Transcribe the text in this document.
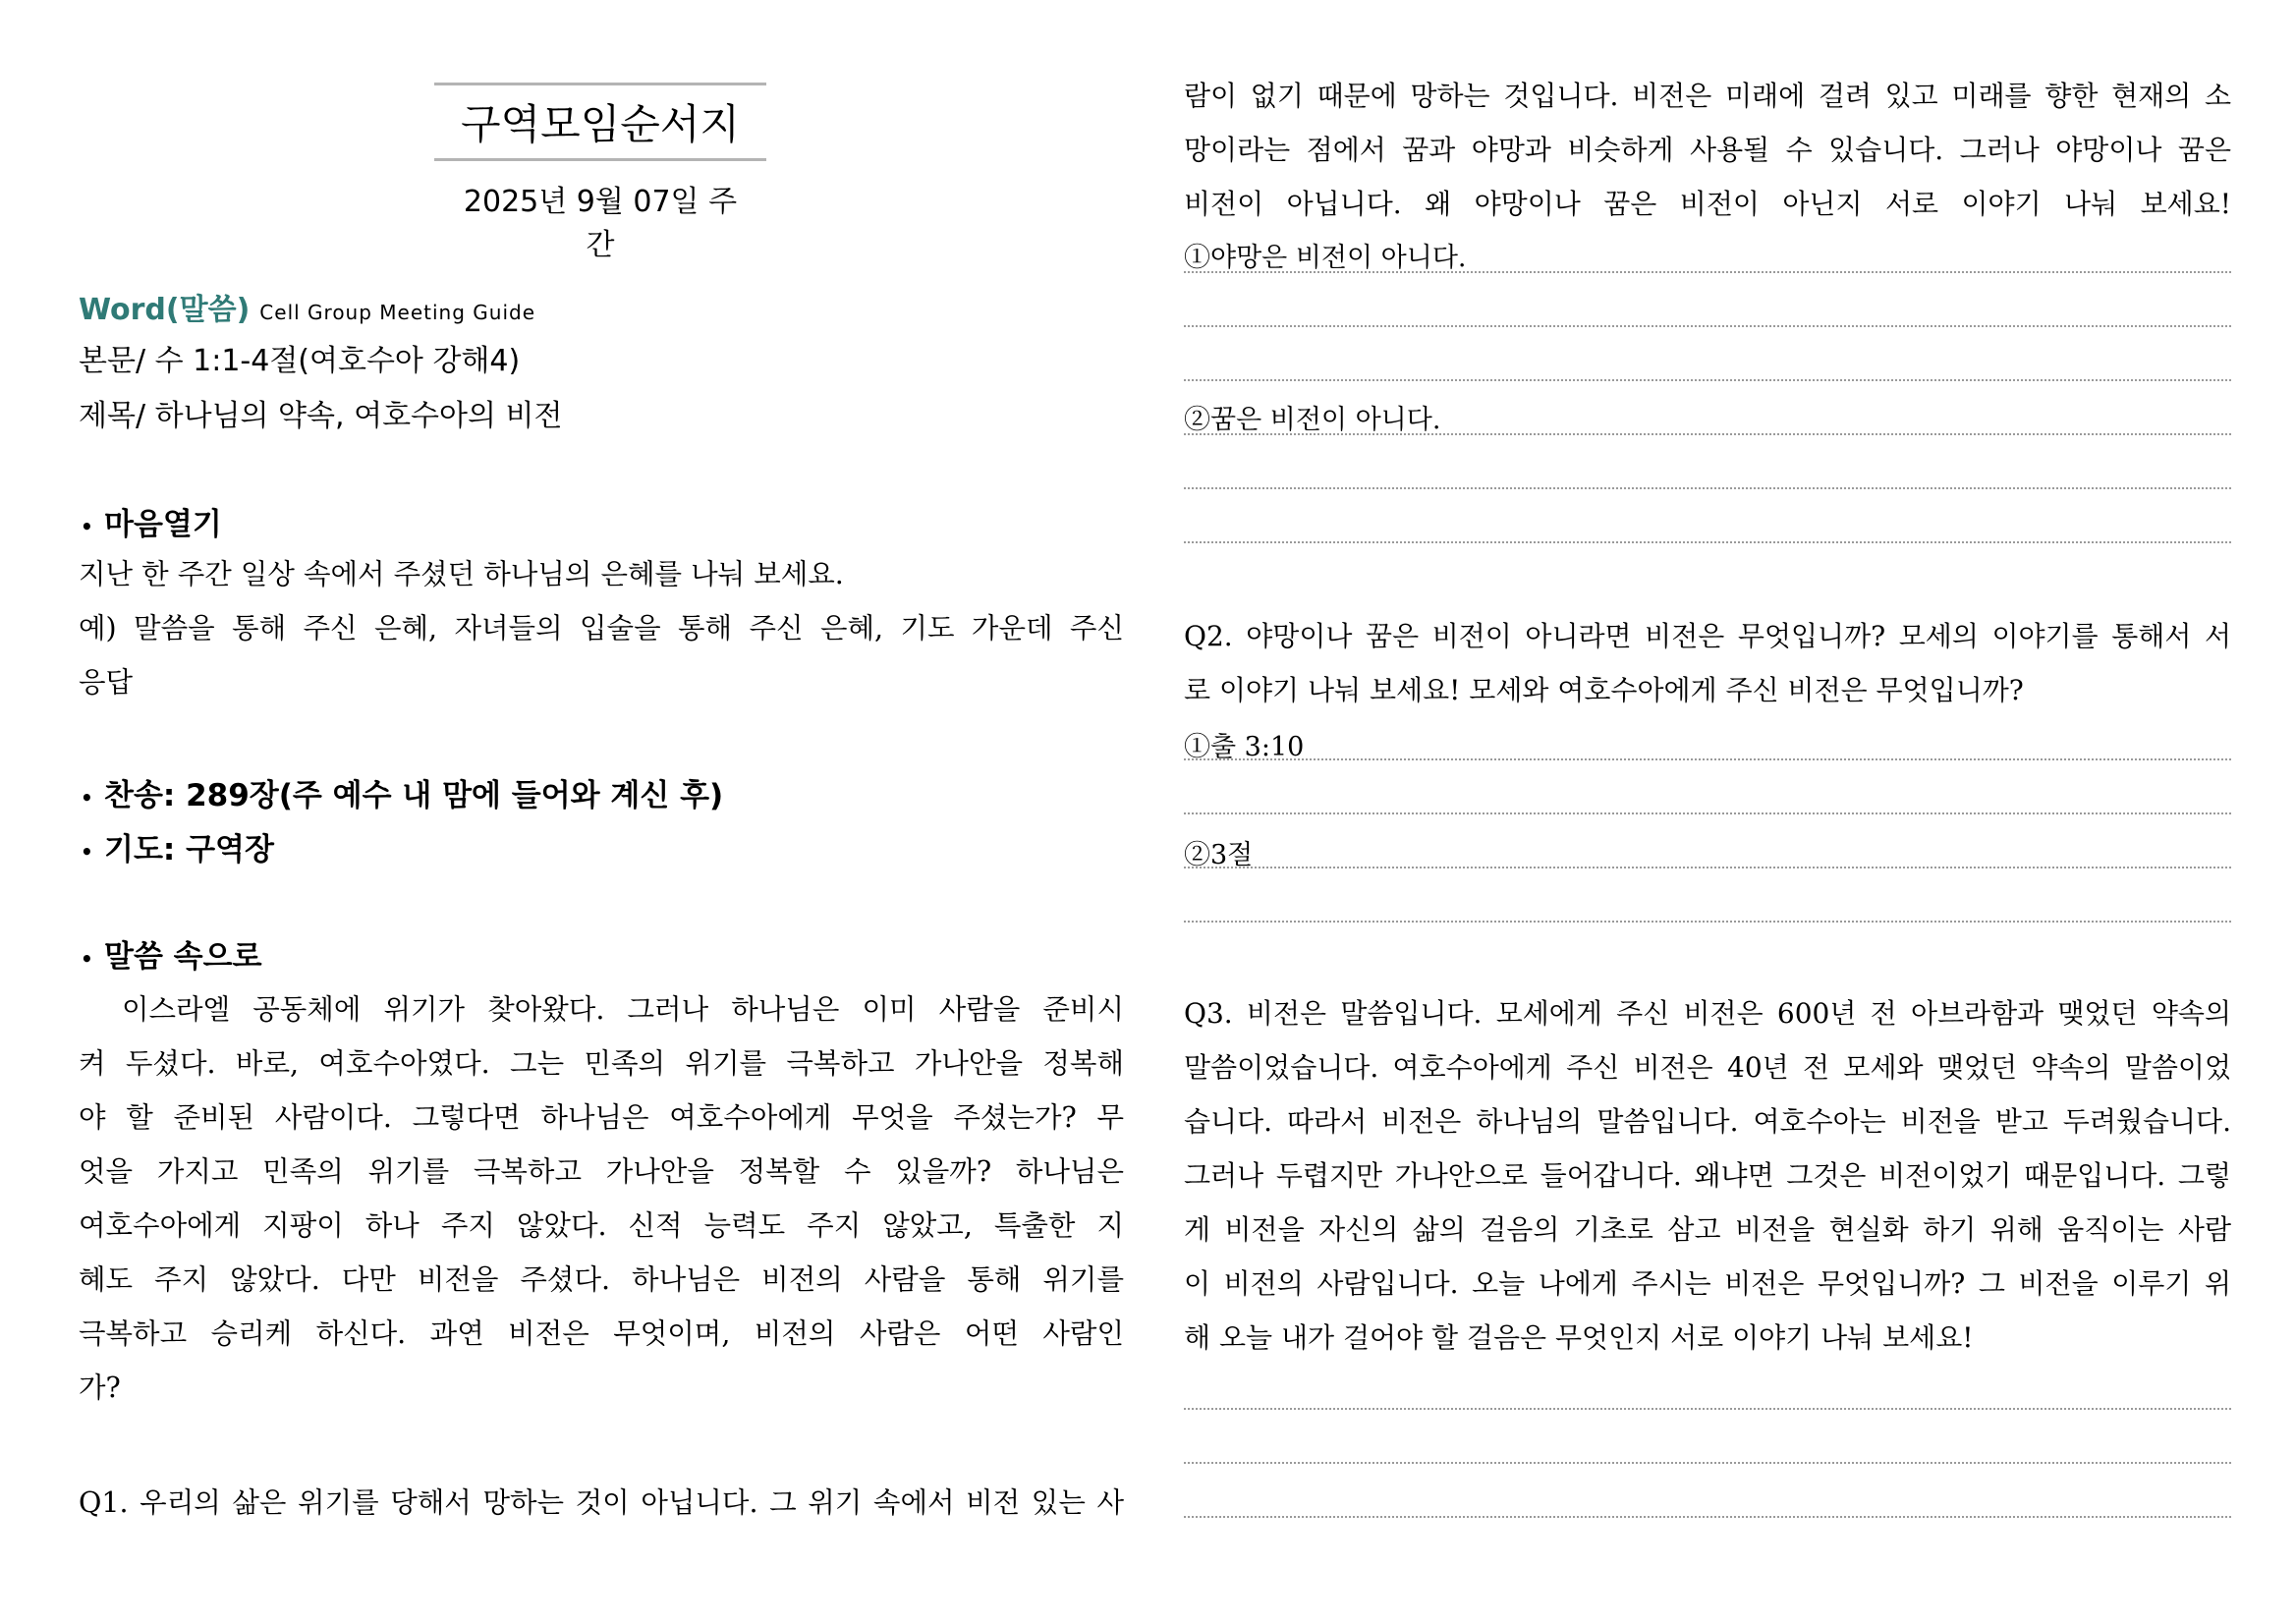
구역모임순서지
2025년 9월 07일 주간
Word(말씀) Cell Group Meeting Guide
본문/ 수 1:1-4절(여호수아 강해4)
제목/ 하나님의 약속, 여호수아의 비전
• 마음열기
지난 한 주간 일상 속에서 주셨던 하나님의 은혜를 나눠 보세요.
예) 말씀을 통해 주신 은혜, 자녀들의 입술을 통해 주신 은혜, 기도 가운데 주신
응답
• 찬송: 289장(주 예수 내 맘에 들어와 계신 후)
• 기도: 구역장
• 말씀 속으로
이스라엘 공동체에 위기가 찾아왔다. 그러나 하나님은 이미 사람을 준비시
켜 두셨다. 바로, 여호수아였다. 그는 민족의 위기를 극복하고 가나안을 정복해
야 할 준비된 사람이다. 그렇다면 하나님은 여호수아에게 무엇을 주셨는가? 무
엇을 가지고 민족의 위기를 극복하고 가나안을 정복할 수 있을까? 하나님은
여호수아에게 지팡이 하나 주지 않았다. 신적 능력도 주지 않았고, 특출한 지
혜도 주지 않았다. 다만 비전을 주셨다. 하나님은 비전의 사람을 통해 위기를
극복하고 승리케 하신다. 과연 비전은 무엇이며, 비전의 사람은 어떤 사람인
가?
Q1. 우리의 삶은 위기를 당해서 망하는 것이 아닙니다. 그 위기 속에서 비전 있는 사
람이 없기 때문에 망하는 것입니다. 비전은 미래에 걸려 있고 미래를 향한 현재의 소
망이라는 점에서 꿈과 야망과 비슷하게 사용될 수 있습니다. 그러나 야망이나 꿈은
비전이 아닙니다. 왜 야망이나 꿈은 비전이 아닌지 서로 이야기 나눠 보세요!
①야망은 비전이 아니다.
②꿈은 비전이 아니다.
Q2. 야망이나 꿈은 비전이 아니라면 비전은 무엇입니까? 모세의 이야기를 통해서 서
로 이야기 나눠 보세요! 모세와 여호수아에게 주신 비전은 무엇입니까?
①출 3:10
②3절
Q3. 비전은 말씀입니다. 모세에게 주신 비전은 600년 전 아브라함과 맺었던 약속의
말씀이었습니다. 여호수아에게 주신 비전은 40년 전 모세와 맺었던 약속의 말씀이었
습니다. 따라서 비전은 하나님의 말씀입니다. 여호수아는 비전을 받고 두려웠습니다.
그러나 두렵지만 가나안으로 들어갑니다. 왜냐면 그것은 비전이었기 때문입니다. 그렇
게 비전을 자신의 삶의 걸음의 기초로 삼고 비전을 현실화 하기 위해 움직이는 사람
이 비전의 사람입니다. 오늘 나에게 주시는 비전은 무엇입니까? 그 비전을 이루기 위
해 오늘 내가 걸어야 할 걸음은 무엇인지 서로 이야기 나눠 보세요!
